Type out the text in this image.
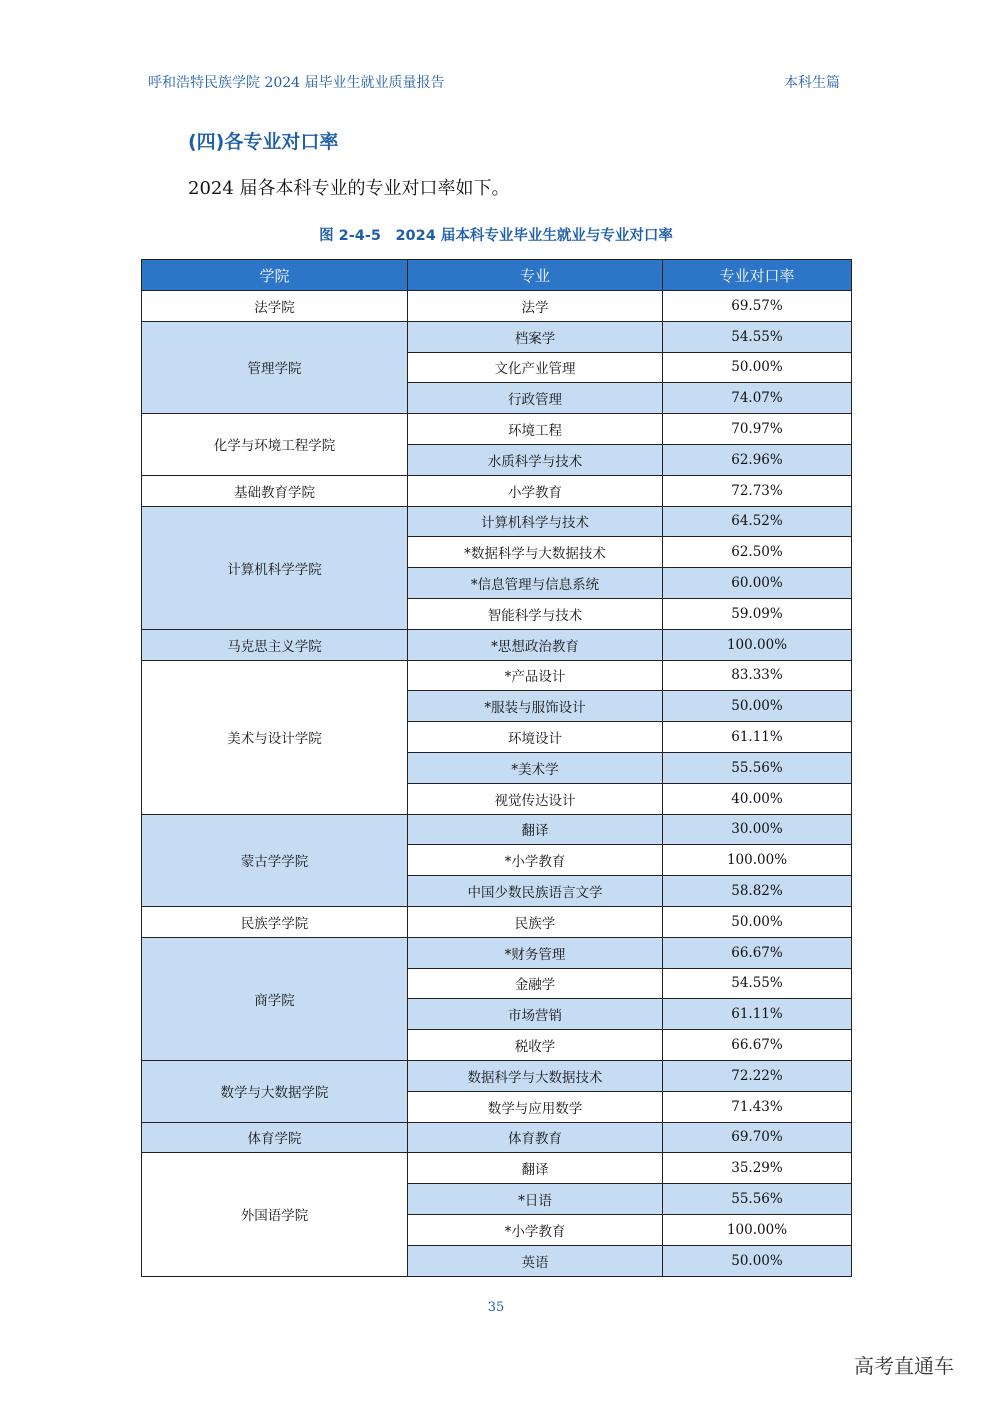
呼和浩特民族学院 2024 届毕业生就业质量报告	本科生篇
(四)各专业对口率
2024 届各本科专业的专业对口率如下。
图 2-4-5　2024 届本科专业毕业生就业与专业对口率
学院	专业	专业对口率
法学院	法学	69.57%
管理学院	档案学	54.55%
	文化产业管理	50.00%
	行政管理	74.07%
化学与环境工程学院	环境工程	70.97%
	水质科学与技术	62.96%
基础教育学院	小学教育	72.73%
计算机科学学院	计算机科学与技术	64.52%
	*数据科学与大数据技术	62.50%
	*信息管理与信息系统	60.00%
	智能科学与技术	59.09%
马克思主义学院	*思想政治教育	100.00%
美术与设计学院	*产品设计	83.33%
	*服装与服饰设计	50.00%
	环境设计	61.11%
	*美术学	55.56%
	视觉传达设计	40.00%
蒙古学学院	翻译	30.00%
	*小学教育	100.00%
	中国少数民族语言文学	58.82%
民族学学院	民族学	50.00%
商学院	*财务管理	66.67%
	金融学	54.55%
	市场营销	61.11%
	税收学	66.67%
数学与大数据学院	数据科学与大数据技术	72.22%
	数学与应用数学	71.43%
体育学院	体育教育	69.70%
外国语学院	翻译	35.29%
	*日语	55.56%
	*小学教育	100.00%
	英语	50.00%
35
高考直通车
